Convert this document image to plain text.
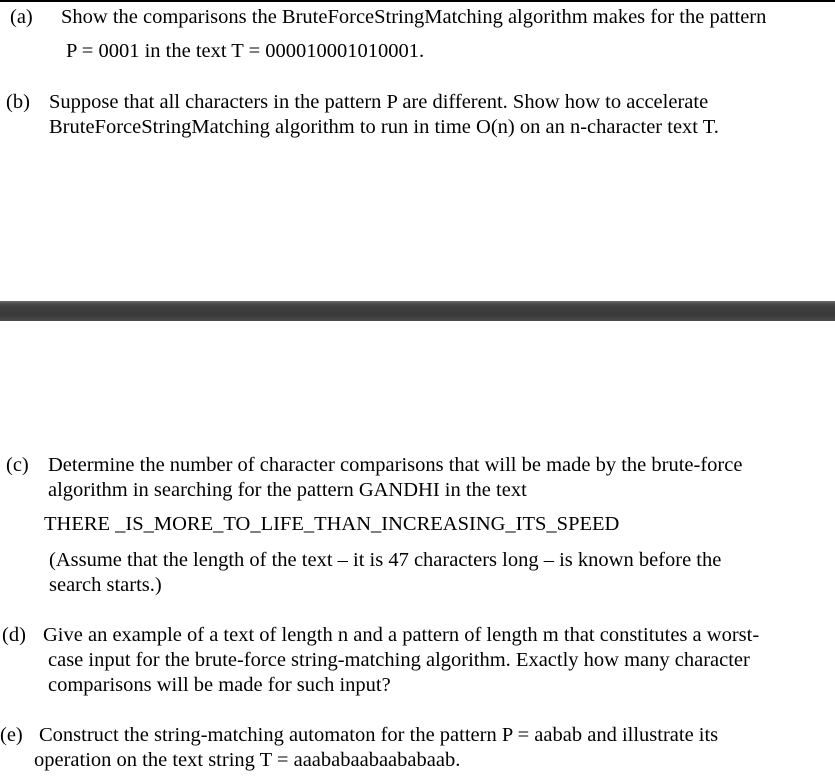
(a) Show the comparisons the BruteForceStringMatching algorithm makes for the pattern
P = 0001 in the text T = 000010001010001.
(b) Suppose that all characters in the pattern P are different. Show how to accelerate
BruteForceStringMatching algorithm to run in time O(n) on an n-character text T.
(c) Determine the number of character comparisons that will be made by the brute-force
algorithm in searching for the pattern GANDHI in the text
THERE _IS_MORE_TO_LIFE_THAN_INCREASING_ITS_SPEED
(Assume that the length of the text – it is 47 characters long – is known before the
search starts.)
(d) Give an example of a text of length n and a pattern of length m that constitutes a worst-
case input for the brute-force string-matching algorithm. Exactly how many character
comparisons will be made for such input?
(e) Construct the string-matching automaton for the pattern P = aabab and illustrate its
operation on the text string T = aaababaabaababaab.
